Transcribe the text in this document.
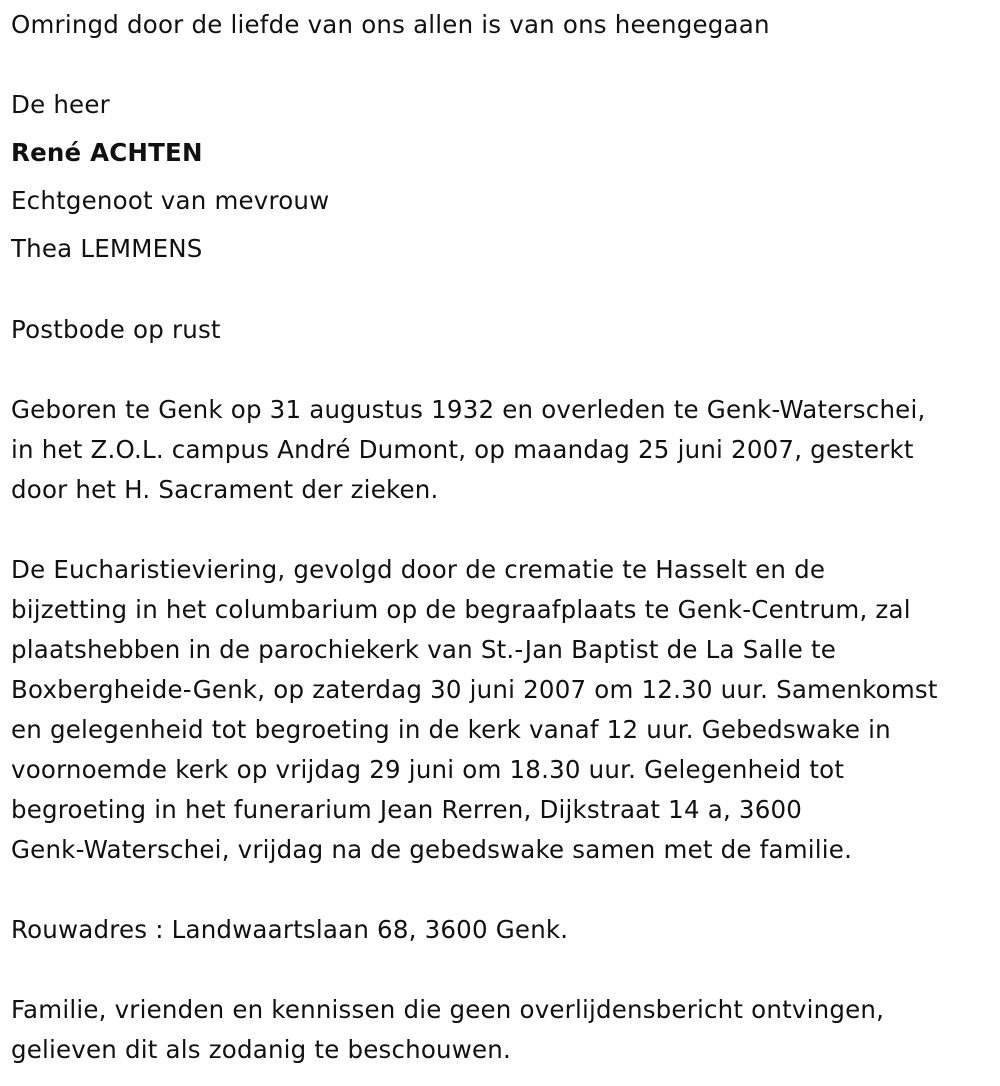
Omringd door de liefde van ons allen is van ons heengegaan
De heer
René ACHTEN
Echtgenoot van mevrouw
Thea LEMMENS
Postbode op rust
Geboren te Genk op 31 augustus 1932 en overleden te Genk-Waterschei,
in het Z.O.L. campus André Dumont, op maandag 25 juni 2007, gesterkt
door het H. Sacrament der zieken.
De Eucharistieviering, gevolgd door de crematie te Hasselt en de
bijzetting in het columbarium op de begraafplaats te Genk-Centrum, zal
plaatshebben in de parochiekerk van St.-Jan Baptist de La Salle te
Boxbergheide-Genk, op zaterdag 30 juni 2007 om 12.30 uur. Samenkomst
en gelegenheid tot begroeting in de kerk vanaf 12 uur. Gebedswake in
voornoemde kerk op vrijdag 29 juni om 18.30 uur. Gelegenheid tot
begroeting in het funerarium Jean Rerren, Dijkstraat 14 a, 3600
Genk-Waterschei, vrijdag na de gebedswake samen met de familie.
Rouwadres : Landwaartslaan 68, 3600 Genk.
Familie, vrienden en kennissen die geen overlijdensbericht ontvingen,
gelieven dit als zodanig te beschouwen.
